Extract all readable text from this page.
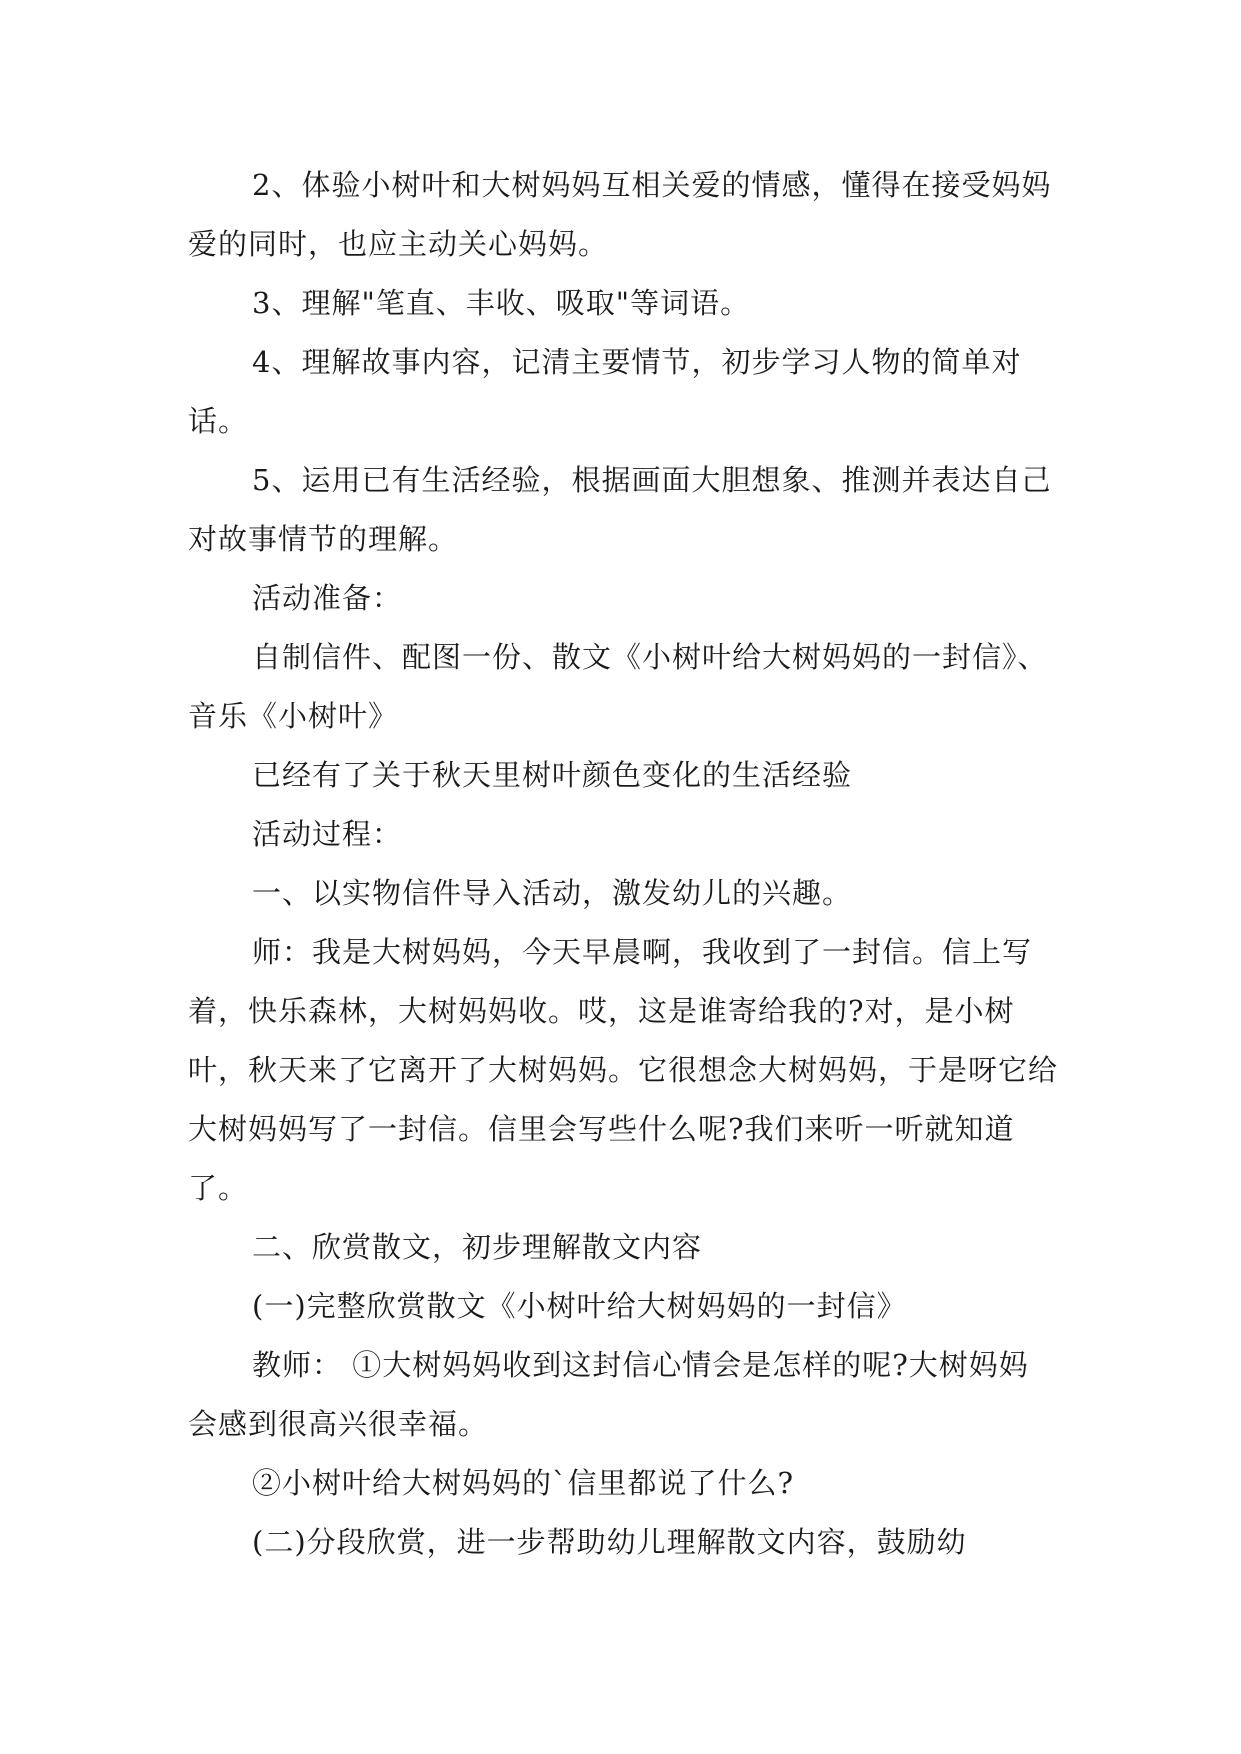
2、体验小树叶和大树妈妈互相关爱的情感，懂得在接受妈妈爱的同时，也应主动关心妈妈。

3、理解"笔直、丰收、吸取"等词语。

4、理解故事内容，记清主要情节，初步学习人物的简单对话。

5、运用已有生活经验，根据画面大胆想象、推测并表达自己对故事情节的理解。

活动准备：

自制信件、配图一份、散文《小树叶给大树妈妈的一封信》、音乐《小树叶》

已经有了关于秋天里树叶颜色变化的生活经验

活动过程：

一、以实物信件导入活动，激发幼儿的兴趣。

师：我是大树妈妈，今天早晨啊，我收到了一封信。信上写着，快乐森林，大树妈妈收。哎，这是谁寄给我的?对，是小树叶，秋天来了它离开了大树妈妈。它很想念大树妈妈，于是呀它给大树妈妈写了一封信。信里会写些什么呢?我们来听一听就知道了。

二、欣赏散文，初步理解散文内容

(一)完整欣赏散文《小树叶给大树妈妈的一封信》

教师： ①大树妈妈收到这封信心情会是怎样的呢?大树妈妈会感到很高兴很幸福。

②小树叶给大树妈妈的`信里都说了什么?

(二)分段欣赏，进一步帮助幼儿理解散文内容，鼓励幼
